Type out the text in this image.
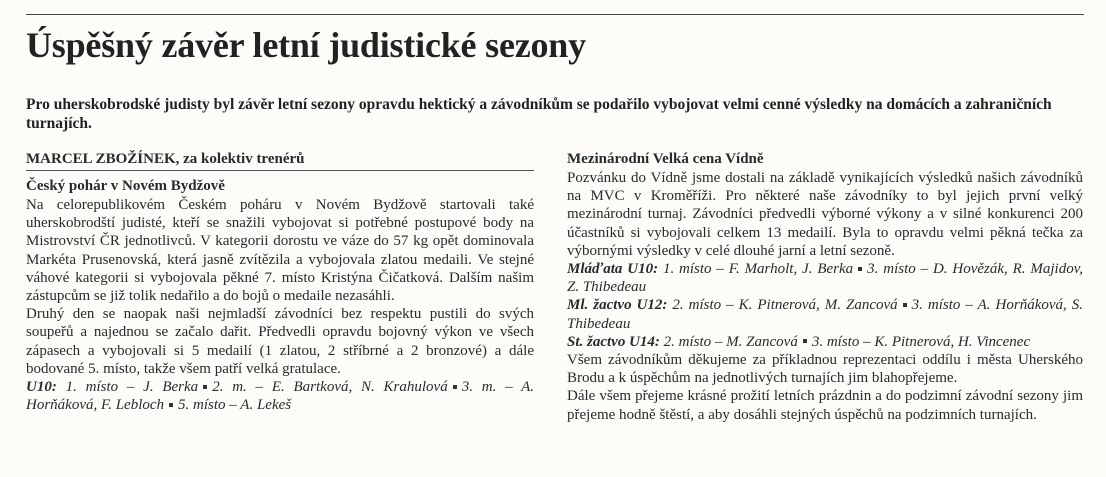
Úspěšný závěr letní judistické sezony

Pro uherskobrodské judisty byl závěr letní sezony opravdu hektický a závodníkům se podařilo vybojovat velmi cenné výsledky na domácích a zahraničních turnajích.

MARCEL ZBOŽÍNEK, za kolektiv trenérů
Český pohár v Novém Bydžově

Na celorepublikovém Českém poháru v Novém Bydžově startovali také uherskobrodští judisté, kteří se snažili vybojovat si potřebné postupové body na Mistrovství ČR jednotlivců. V kategorii dorostu ve váze do 57 kg opět dominovala Markéta Prusenovská, která jasně zvítězila a vybojovala zlatou medaili. Ve stejné váhové kategorii si vybojovala pěkné 7. místo Kristýna Čičatková. Dalším našim zástupcům se již tolik nedařilo a do bojů o medaile nezasáhli.

Druhý den se naopak naši nejmladší závodníci bez respektu pustili do svých soupeřů a najednou se začalo dařit. Předvedli opravdu bojovný výkon ve všech zápasech a vybojovali si 5 medailí (1 zlatou, 2 stříbrné a 2 bronzové) a dále bodované 5. místo, takže všem patří velká gratulace.

U10: 1. místo – J. Berka 2. m. – E. Bartková, N. Krahulová 3. m. – A. Horňáková, F. Lebloch 5. místo – A. Lekeš

Mezinárodní Velká cena Vídně

Pozvánku do Vídně jsme dostali na základě vynikajících výsledků našich závodníků na MVC v Kroměříži. Pro některé naše závodníky to byl jejich první velký mezinárodní turnaj. Závodníci předvedli výborné výkony a v silné konkurenci 200 účastníků si vybojovali celkem 13 medailí. Byla to opravdu velmi pěkná tečka za výbornými výsledky v celé dlouhé jarní a letní sezoně.

Mláďata U10: 1. místo – F. Marholt, J. Berka 3. místo – D. Hovězák, R. Majidov, Z. Thibedeau

Ml. žactvo U12: 2. místo – K. Pitnerová, M. Zancová 3. místo – A. Horňáková, S. Thibedeau

St. žactvo U14: 2. místo – M. Zancová 3. místo – K. Pitnerová, H. Vincenec

Všem závodníkům děkujeme za příkladnou reprezentaci oddílu i města Uherského Brodu a k úspěchům na jednotlivých turnajích jim blahopřejeme.

Dále všem přejeme krásné prožití letních prázdnin a do podzimní závodní sezony jim přejeme hodně štěstí, a aby dosáhli stejných úspěchů na podzimních turnajích.
